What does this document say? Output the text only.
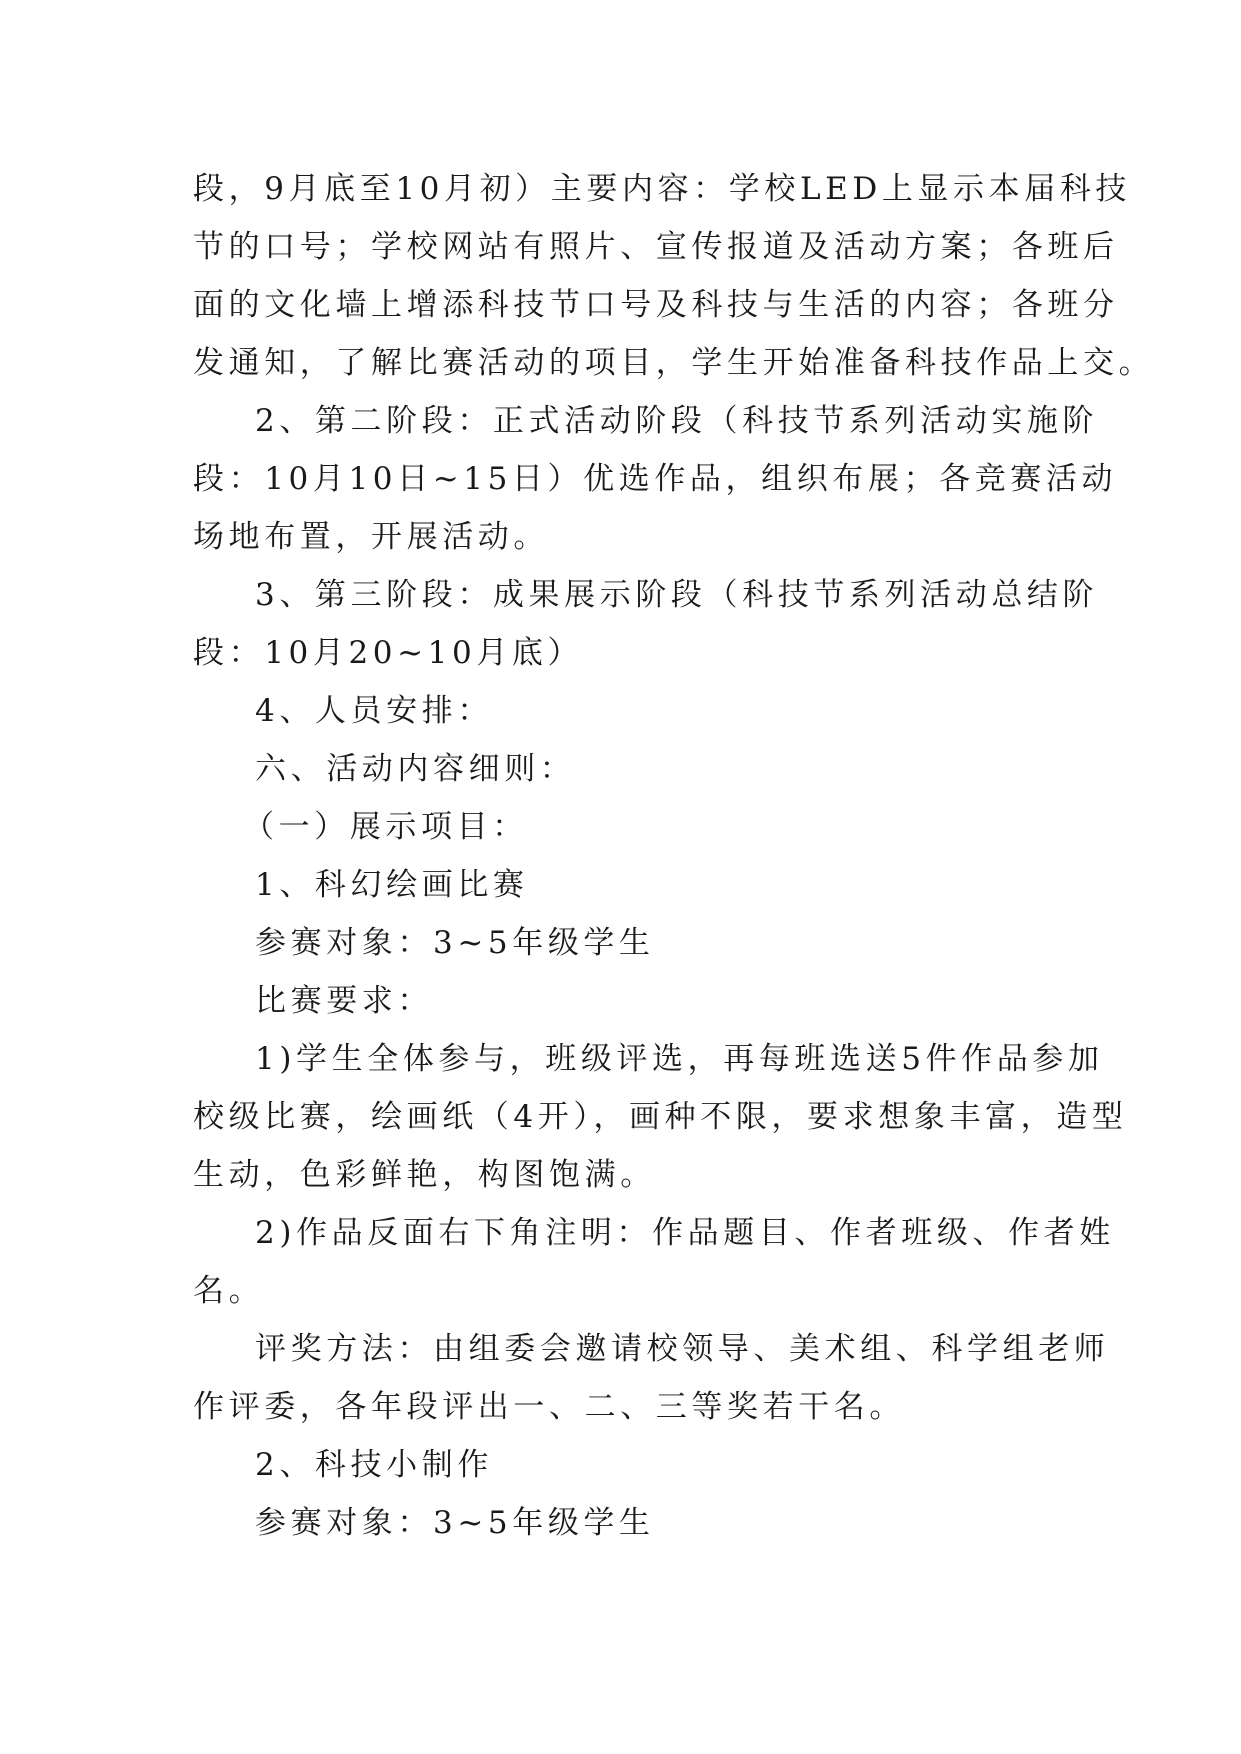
段，9月底至10月初）主要内容：学校LED上显示本届科技
节的口号；学校网站有照片、宣传报道及活动方案；各班后
面的文化墙上增添科技节口号及科技与生活的内容；各班分
发通知，了解比赛活动的项目，学生开始准备科技作品上交。
2、第二阶段：正式活动阶段（科技节系列活动实施阶
段：10月10日~15日）优选作品，组织布展；各竞赛活动
场地布置，开展活动。
3、第三阶段：成果展示阶段（科技节系列活动总结阶
段：10月20~10月底）
4、人员安排：
六、活动内容细则：
（一）展示项目：
1、科幻绘画比赛
参赛对象：3~5年级学生
比赛要求：
1)学生全体参与，班级评选，再每班选送5件作品参加
校级比赛，绘画纸（4开），画种不限，要求想象丰富，造型
生动，色彩鲜艳，构图饱满。
2)作品反面右下角注明：作品题目、作者班级、作者姓
名。
评奖方法：由组委会邀请校领导、美术组、科学组老师
作评委，各年段评出一、二、三等奖若干名。
2、科技小制作
参赛对象：3~5年级学生
